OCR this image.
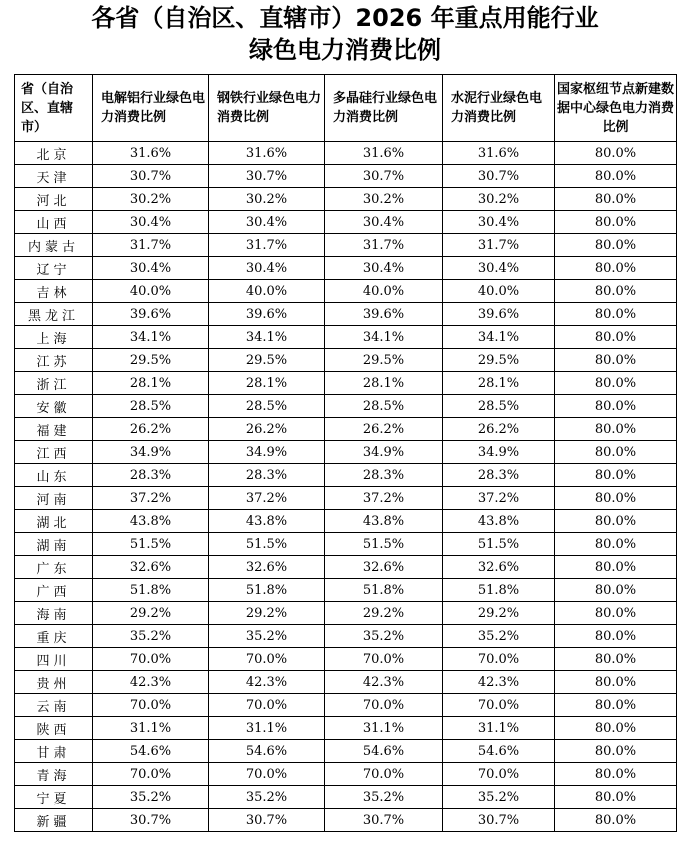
各省（自治区、直辖市）2026 年重点用能行业
绿色电力消费比例
省（自治区、直辖市）	电解铝行业绿色电力消费比例	钢铁行业绿色电力消费比例	多晶硅行业绿色电力消费比例	水泥行业绿色电力消费比例	国家枢纽节点新建数据中心绿色电力消费比例
北京	31.6%	31.6%	31.6%	31.6%	80.0%
天津	30.7%	30.7%	30.7%	30.7%	80.0%
河北	30.2%	30.2%	30.2%	30.2%	80.0%
山西	30.4%	30.4%	30.4%	30.4%	80.0%
内蒙古	31.7%	31.7%	31.7%	31.7%	80.0%
辽宁	30.4%	30.4%	30.4%	30.4%	80.0%
吉林	40.0%	40.0%	40.0%	40.0%	80.0%
黑龙江	39.6%	39.6%	39.6%	39.6%	80.0%
上海	34.1%	34.1%	34.1%	34.1%	80.0%
江苏	29.5%	29.5%	29.5%	29.5%	80.0%
浙江	28.1%	28.1%	28.1%	28.1%	80.0%
安徽	28.5%	28.5%	28.5%	28.5%	80.0%
福建	26.2%	26.2%	26.2%	26.2%	80.0%
江西	34.9%	34.9%	34.9%	34.9%	80.0%
山东	28.3%	28.3%	28.3%	28.3%	80.0%
河南	37.2%	37.2%	37.2%	37.2%	80.0%
湖北	43.8%	43.8%	43.8%	43.8%	80.0%
湖南	51.5%	51.5%	51.5%	51.5%	80.0%
广东	32.6%	32.6%	32.6%	32.6%	80.0%
广西	51.8%	51.8%	51.8%	51.8%	80.0%
海南	29.2%	29.2%	29.2%	29.2%	80.0%
重庆	35.2%	35.2%	35.2%	35.2%	80.0%
四川	70.0%	70.0%	70.0%	70.0%	80.0%
贵州	42.3%	42.3%	42.3%	42.3%	80.0%
云南	70.0%	70.0%	70.0%	70.0%	80.0%
陕西	31.1%	31.1%	31.1%	31.1%	80.0%
甘肃	54.6%	54.6%	54.6%	54.6%	80.0%
青海	70.0%	70.0%	70.0%	70.0%	80.0%
宁夏	35.2%	35.2%	35.2%	35.2%	80.0%
新疆	30.7%	30.7%	30.7%	30.7%	80.0%
